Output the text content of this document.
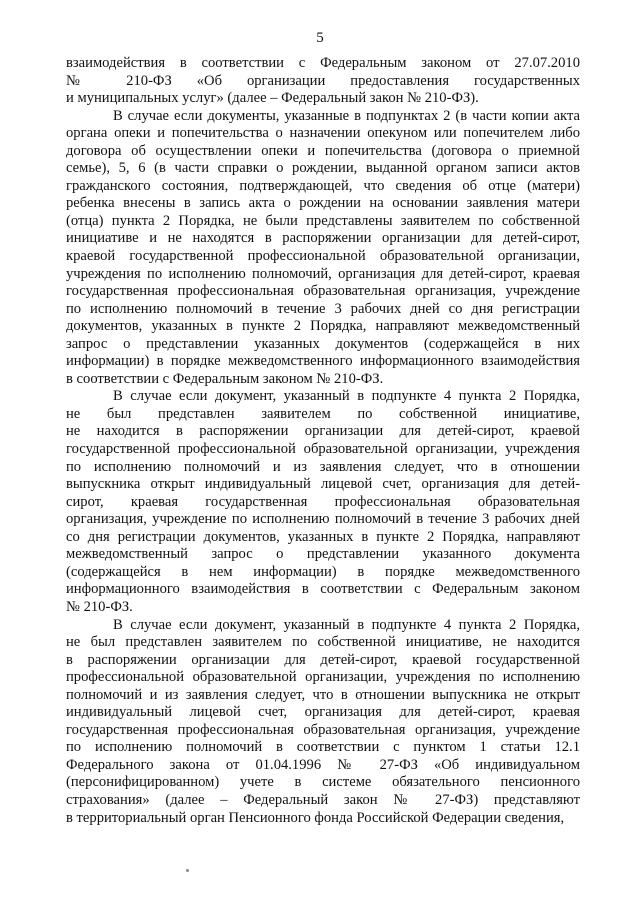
5
взаимодействия в соответствии с Федеральным законом от 27.07.2010
№ 210-ФЗ «Об организации предоставления государственных
и муниципальных услуг» (далее – Федеральный закон № 210-ФЗ).
В случае если документы, указанные в подпунктах 2 (в части копии акта
органа опеки и попечительства о назначении опекуном или попечителем либо
договора об осуществлении опеки и попечительства (договора о приемной
семье), 5, 6 (в части справки о рождении, выданной органом записи актов
гражданского состояния, подтверждающей, что сведения об отце (матери)
ребенка внесены в запись акта о рождении на основании заявления матери
(отца) пункта 2 Порядка, не были представлены заявителем по собственной
инициативе и не находятся в распоряжении организации для детей-сирот,
краевой государственной профессиональной образовательной организации,
учреждения по исполнению полномочий, организация для детей-сирот, краевая
государственная профессиональная образовательная организация, учреждение
по исполнению полномочий в течение 3 рабочих дней со дня регистрации
документов, указанных в пункте 2 Порядка, направляют межведомственный
запрос о представлении указанных документов (содержащейся в них
информации) в порядке межведомственного информационного взаимодействия
в соответствии с Федеральным законом № 210-ФЗ.
В случае если документ, указанный в подпункте 4 пункта 2 Порядка,
не был представлен заявителем по собственной инициативе,
не находится в распоряжении организации для детей-сирот, краевой
государственной профессиональной образовательной организации, учреждения
по исполнению полномочий и из заявления следует, что в отношении
выпускника открыт индивидуальный лицевой счет, организация для детей-
сирот, краевая государственная профессиональная образовательная
организация, учреждение по исполнению полномочий в течение 3 рабочих дней
со дня регистрации документов, указанных в пункте 2 Порядка, направляют
межведомственный запрос о представлении указанного документа
(содержащейся в нем информации) в порядке межведомственного
информационного взаимодействия в соответствии с Федеральным законом
№ 210-ФЗ.
В случае если документ, указанный в подпункте 4 пункта 2 Порядка,
не был представлен заявителем по собственной инициативе, не находится
в распоряжении организации для детей-сирот, краевой государственной
профессиональной образовательной организации, учреждения по исполнению
полномочий и из заявления следует, что в отношении выпускника не открыт
индивидуальный лицевой счет, организация для детей-сирот, краевая
государственная профессиональная образовательная организация, учреждение
по исполнению полномочий в соответствии с пунктом 1 статьи 12.1
Федерального закона от 01.04.1996 № 27-ФЗ «Об индивидуальном
(персонифицированном) учете в системе обязательного пенсионного
страхования» (далее – Федеральный закон № 27-ФЗ) представляют
в территориальный орган Пенсионного фонда Российской Федерации сведения,
